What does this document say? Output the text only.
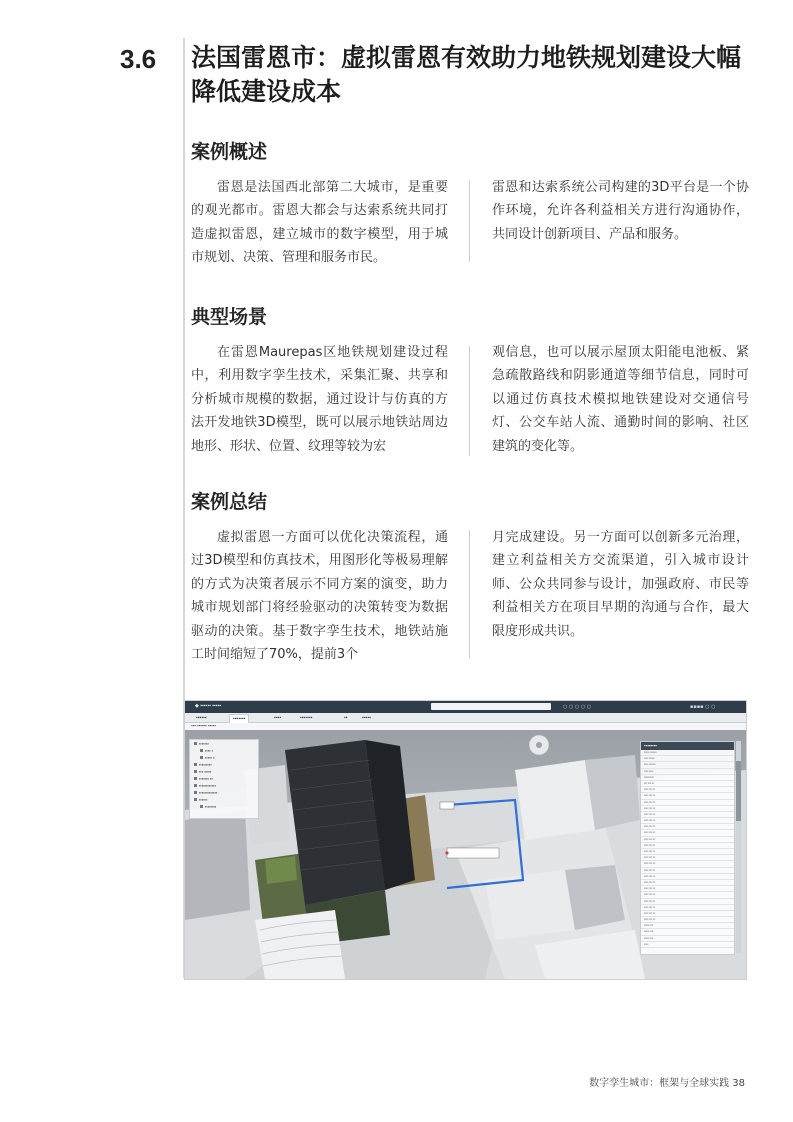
3.6	法国雷恩市：虚拟雷恩有效助力地铁规划建设大幅降低建设成本
案例概述

雷恩是法国西北部第二大城市，是重要的观光都市。雷恩大都会与达索系统共同打造虚拟雷恩，建立城市的数字模型，用于城市规划、决策、管理和服务市民。

雷恩和达索系统公司构建的3D平台是一个协作环境，允许各利益相关方进行沟通协作，共同设计创新项目、产品和服务。

典型场景

在雷恩Maurepas区地铁规划建设过程中，利用数字孪生技术，采集汇聚、共享和分析城市规模的数据，通过设计与仿真的方法开发地铁3D模型，既可以展示地铁站周边地形、形状、位置、纹理等较为宏

观信息，也可以展示屋顶太阳能电池板、紧急疏散路线和阴影通道等细节信息，同时可以通过仿真技术模拟地铁建设对交通信号灯、公交车站人流、通勤时间的影响、社区建筑的变化等。

案例总结

虚拟雷恩一方面可以优化决策流程，通过3D模型和仿真技术，用图形化等极易理解的方式为决策者展示不同方案的演变，助力城市规划部门将经验驱动的决策转变为数据驱动的决策。基于数字孪生技术，地铁站施工时间缩短了70%，提前3个

月完成建设。另一方面可以创新多元治理，建立利益相关方交流渠道，引入城市设计师、公众共同参与设计，加强政府、市民等利益相关方在项目早期的沟通与合作，最大限度形成共识。

◆ ▪▪▪▪▪▪ ▪▪▪▪▪	○ ○ ○ ○ ○	▪▪▪▪ ○ ○
▪▪▪▪▪▪	▪▪▪▪▪▪▪	▪▪▪▪	▪▪▪▪▪▪▪	▪▪	▪▪▪▪▪
▪▪▪ ▪▪▪▪▪▪ ▪▪▪▪▪
▪▪▪▪▪▪▪
▪▪▪▪ ▪
▪▪▪▪▪ ▪
▪▪▪▪▪▪▪▪▪
▪▪▪ ▪▪▪▪▪
▪▪▪▪▪▪▪ ▪▪
▪▪▪▪▪▪▪▪▪▪▪▪
▪▪▪▪▪▪▪▪▪▪▪▪▪
▪▪▪▪▪▪
▪▪▪▪▪▪▪▪
▪▪▪▪▪▪▪▪
▪▪▪▪▪ ▪▪▪▪▪▪
▪▪▪▪ ▪▪▪▪▪
▪▪▪▪ ▪▪▪▪▪▪
▪▪▪▪ ▪▪▪▪
▪▪▪▪▪▪▪▪▪
▪▪▪ ▪▪▪ ▪▪
▪▪▪▪ ▪▪▪ ▪▪
▪▪▪▪ ▪▪▪ ▪▪
▪▪▪▪ ▪▪▪ ▪▪
▪▪▪▪ ▪▪▪ ▪▪
▪▪▪▪ ▪▪▪ ▪▪
▪▪▪▪ ▪▪▪ ▪▪
▪▪▪▪ ▪▪▪ ▪▪
▪▪▪▪ ▪▪▪ ▪▪
▪▪▪▪ ▪▪▪ ▪▪
▪▪▪▪ ▪▪▪ ▪▪
▪▪▪▪ ▪▪▪ ▪▪
▪▪▪▪ ▪▪▪ ▪▪
▪▪▪▪ ▪▪▪ ▪▪
▪▪▪▪ ▪▪▪ ▪▪
▪▪▪▪ ▪▪▪ ▪▪
▪▪▪▪ ▪▪▪ ▪▪
▪▪▪▪ ▪▪▪ ▪▪
▪▪▪▪ ▪▪▪ ▪▪
▪▪▪▪ ▪▪▪ ▪▪
▪▪▪▪ ▪▪▪ ▪▪
▪▪▪▪ ▪▪▪ ▪▪
▪▪▪▪ ▪▪▪ ▪▪
▪▪▪▪▪ ▪▪▪
▪▪▪▪▪ ▪▪▪
▪▪▪▪▪ ▪▪▪
▪▪▪▪
数字孪生城市：框架与全球实践 38
